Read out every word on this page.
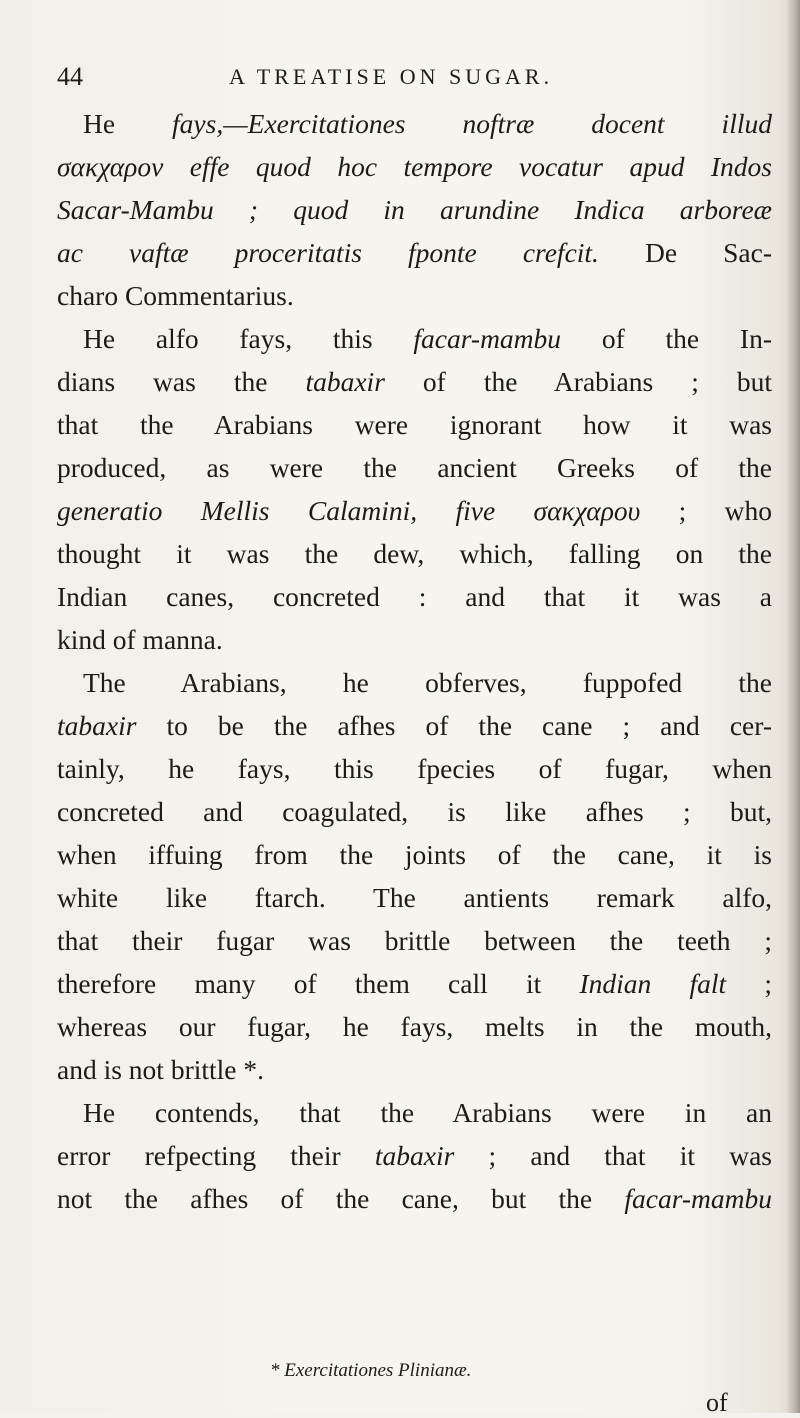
44	A TREATISE ON SUGAR.
He fays,—Exercitationes noftræ docent illud
σακχαρον effe quod hoc tempore vocatur apud Indos
Sacar-Mambu ; quod in arundine Indica arboreæ
ac vaftæ proceritatis fponte crefcit. De Sac-
charo Commentarius.
He alfo fays, this facar-mambu of the In-
dians was the tabaxir of the Arabians ; but
that the Arabians were ignorant how it was
produced, as were the ancient Greeks of the
generatio Mellis Calamini, five σακχαρου ; who
thought it was the dew, which, falling on the
Indian canes, concreted : and that it was a
kind of manna.
The Arabians, he obferves, fuppofed the
tabaxir to be the afhes of the cane ; and cer-
tainly, he fays, this fpecies of fugar, when
concreted and coagulated, is like afhes ; but,
when iffuing from the joints of the cane, it is
white like ftarch. The antients remark alfo,
that their fugar was brittle between the teeth ;
therefore many of them call it Indian falt ;
whereas our fugar, he fays, melts in the mouth,
and is not brittle *.
He contends, that the Arabians were in an
error refpecting their tabaxir ; and that it was
not the afhes of the cane, but the facar-mambu
* Exercitationes Plinianæ.
of
